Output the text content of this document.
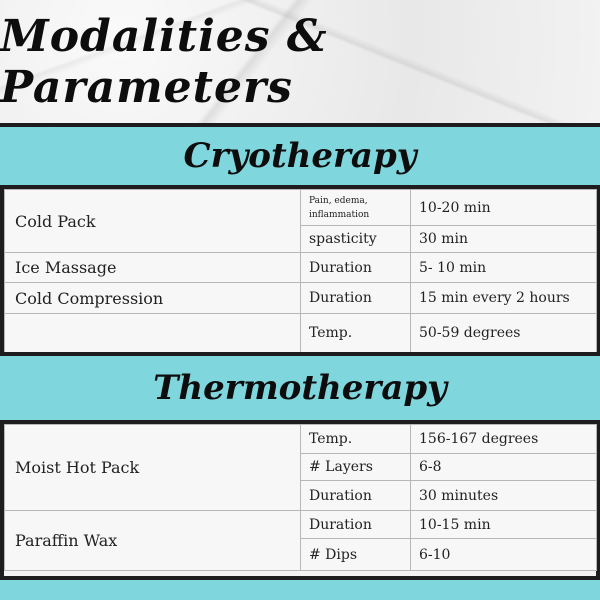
Modalities & Parameters
Cryotherapy
Cold Pack	Pain, edema, inflammation	10-20 min
	spasticity	30 min
Ice Massage	Duration	5- 10 min
Cold Compression	Duration	15 min every 2 hours
	Temp.	50-59 degrees
Thermotherapy
Moist Hot Pack	Temp.	156-167 degrees
	# Layers	6-8
	Duration	30 minutes
Paraffin Wax	Duration	10-15 min
	# Dips	6-10
